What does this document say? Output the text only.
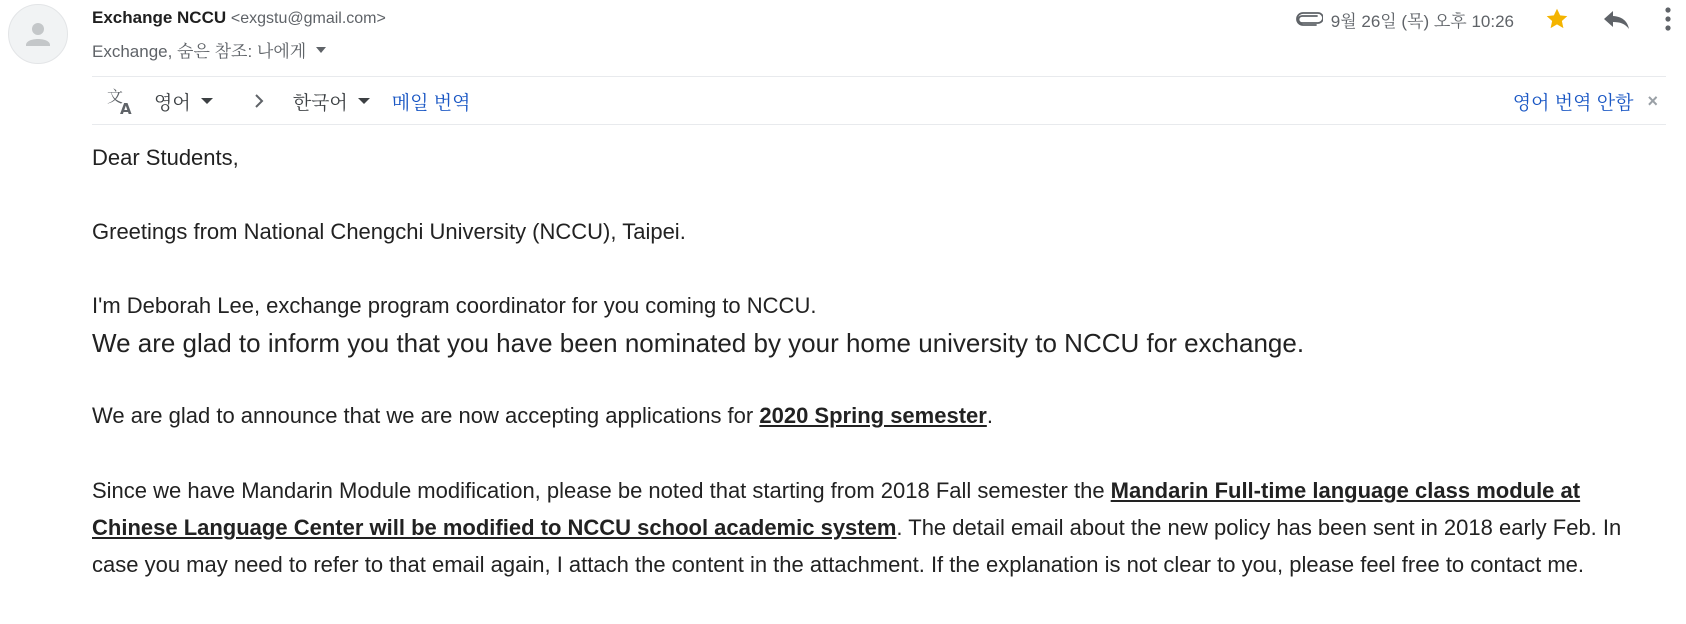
Exchange NCCU <exgstu@gmail.com>
Exchange, 숨은 참조: 나에게
9월 26일 (목) 오후 10:26
文
A 영어	한국어 메일 번역	영어 번역 안함 ×
Dear Students,
Greetings from National Chengchi University (NCCU), Taipei.
I'm Deborah Lee, exchange program coordinator for you coming to NCCU.
We are glad to inform you that you have been nominated by your home university to NCCU for exchange.
We are glad to announce that we are now accepting applications for 2020 Spring semester.
Since we have Mandarin Module modification, please be noted that starting from 2018 Fall semester the Mandarin Full-time language class module at Chinese Language Center will be modified to NCCU school academic system. The detail email about the new policy has been sent in 2018 early Feb. In case you may need to refer to that email again, I attach the content in the attachment. If the explanation is not clear to you, please feel free to contact me.
